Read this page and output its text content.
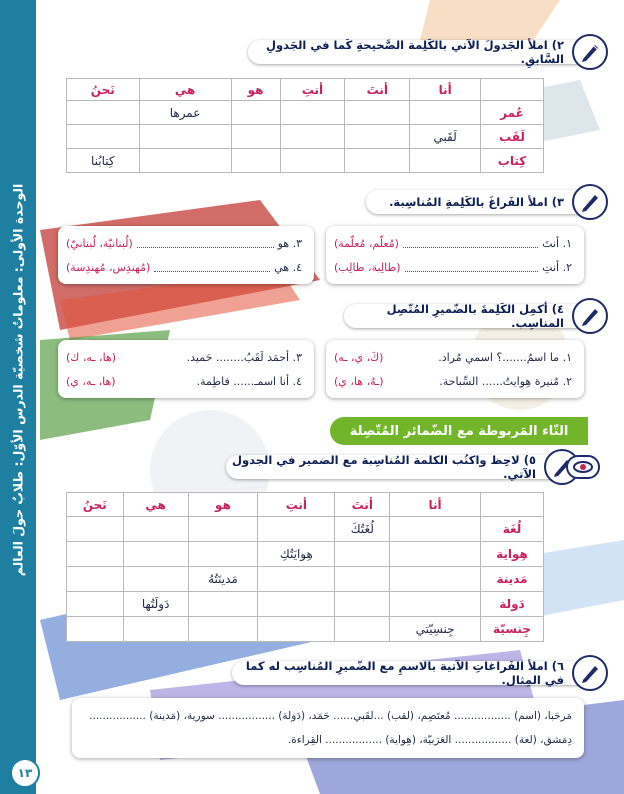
الوحدة الأولى: معلوماتٌ شخصيّة الدرس الأوّل: طلابٌ حولَ العالم
١٣
٢) املأ الجَدولَ الآتي بالكَلِمة الصَّحيحةِ كَما في الجَدولِ السَّابقِ.
	أنا	أنتَ	أنتِ	هو	هي	نَحنُ
عُمر					عمرها	
لَقَب	لَقَبي					
كِتاب						كِتابُنا
٣) املأ الفَراغَ بالكَلِمةِ المُناسِبة.
١. أنتَ
(مُعلّم، مُعلّمة)
٢. أنتِ
(طالِبة، طالِب)
٣. هو
(لُبنانيّة، لُبنانيّ)
٤. هي
(مُهندِس، مُهندِسة)
٤) أكمِل الكَلِمةَ بالضّميرِ المُتّصِل المناسِب.
١. ما اسمُ.......؟ اسمي مُراد.
(كَ، ي، ـه)
٢. مُنيرة هِوايتُ...... السِّباحة.
(ـهُ، ها، ي)
٣. أحمَد لَقَبُ........ حَميد.
(ها، ـه، ك)
٤. أنا اسمـ...... فاطِمة.
(ها، ـه، ي)
التّاء المَربوطة مع الضّمائر المُتّصِلة
٥) لاحِظ واكتُب الكلمة المُناسِبة مع الضمير في الجدول الآتي.
	أنا	أنتَ	أنتِ	هو	هي	نَحنُ
لُغَة		لُغَتُكَ				
هِواية			هِوايَتُكِ			
مَدينة				مَدينَتُهُ		
دَولة					دَولَتُها	
جِنسيّة	جِنسِيّتي					
٦) املأ الفَراغاتِ الآتية بالاسمِ مع الضّميرِ المُناسِب له كما في المِثال.
مَرحَباً، (اسم) ................. مُعتَصِم، (لقب) ...لَقَبي...... حَمَد، (دَولة) ................. سورية، (مَدينة) .................
دِمَشق، (لُغة) ................. العَرَبيّة، (هِواية) ................. القِراءة.
